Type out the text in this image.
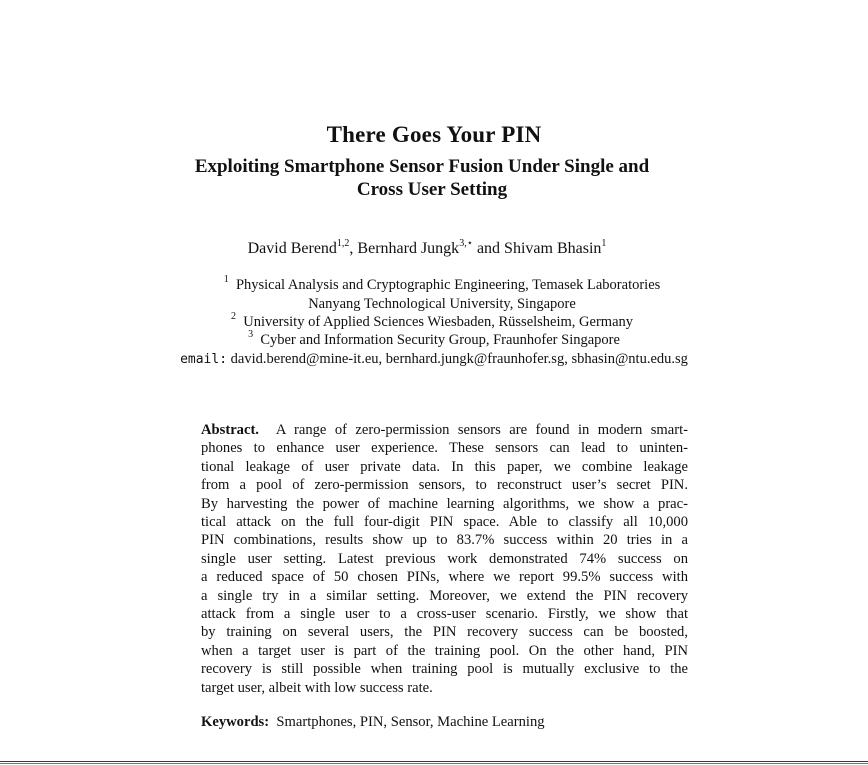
There Goes Your PIN
Exploiting Smartphone Sensor Fusion Under Single and
Cross User Setting
David Berend$^{1,2}$, Bernhard Jungk$^{3,⋆}$ and Shivam Bhasin$^1$
$^1$ Physical Analysis and Cryptographic Engineering, Temasek Laboratories
Nanyang Technological University, Singapore
$^2$ University of Applied Sciences Wiesbaden, Rüsselsheim, Germany
$^3$ Cyber and Information Security Group, Fraunhofer Singapore
email: david.berend@mine-it.eu, bernhard.jungk@fraunhofer.sg, sbhasin@ntu.edu.sg
Abstract. A range of zero-permission sensors are found in modern smart-
phones to enhance user experience. These sensors can lead to uninten-
tional leakage of user private data. In this paper, we combine leakage
from a pool of zero-permission sensors, to reconstruct user’s secret PIN.
By harvesting the power of machine learning algorithms, we show a prac-
tical attack on the full four-digit PIN space. Able to classify all 10,000
PIN combinations, results show up to 83.7% success within 20 tries in a
single user setting. Latest previous work demonstrated 74% success on
a reduced space of 50 chosen PINs, where we report 99.5% success with
a single try in a similar setting. Moreover, we extend the PIN recovery
attack from a single user to a cross-user scenario. Firstly, we show that
by training on several users, the PIN recovery success can be boosted,
when a target user is part of the training pool. On the other hand, PIN
recovery is still possible when training pool is mutually exclusive to the
target user, albeit with low success rate.
Keywords: Smartphones, PIN, Sensor, Machine Learning
